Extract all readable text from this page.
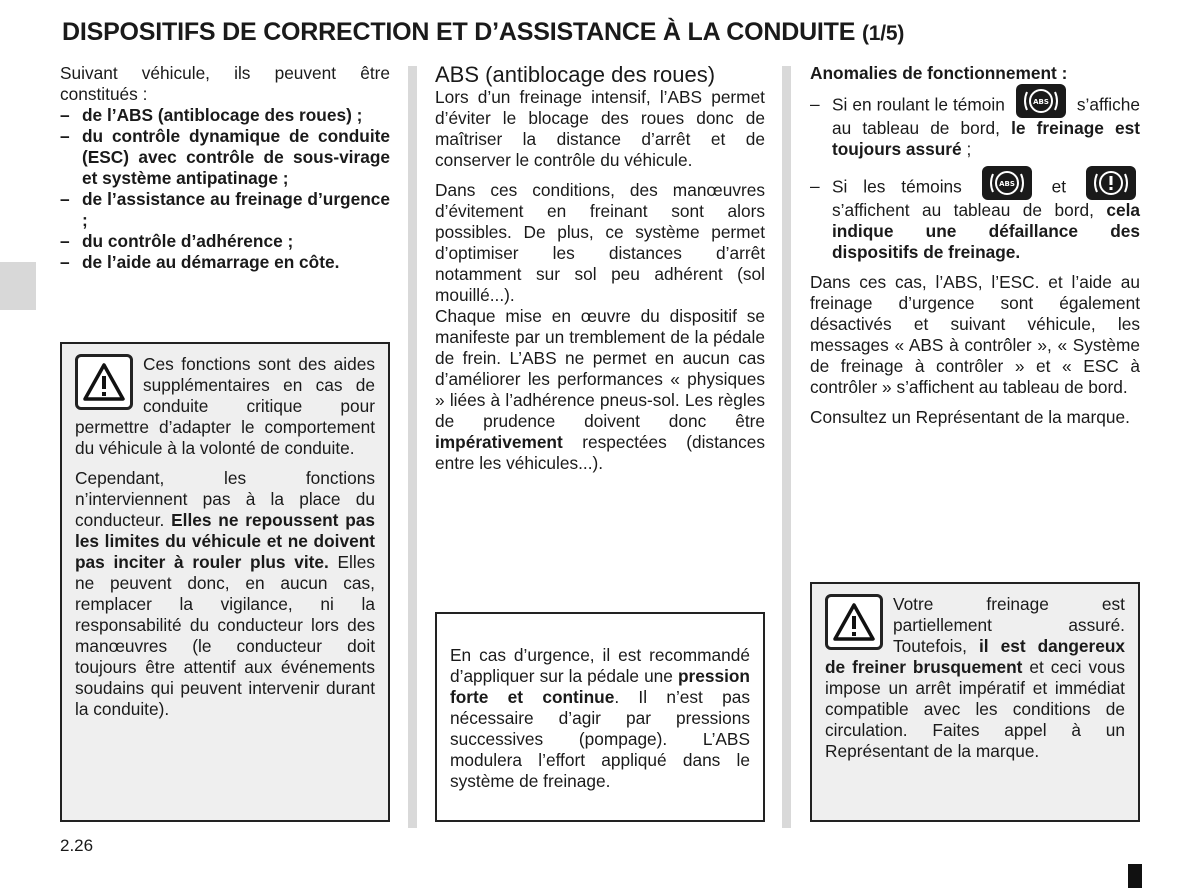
DISPOSITIFS DE CORRECTION ET D’ASSISTANCE À LA CONDUITE (1/5)

Suivant véhicule, ils peuvent être constitués :

– de l’ABS (antiblocage des roues) ;
– du contrôle dynamique de conduite (ESC) avec contrôle de sous-virage et système antipatinage ;
– de l’assistance au freinage d’urgence ;
– du contrôle d’adhérence ;
– de l’aide au démarrage en côte.

Ces fonctions sont des aides supplémentaires en cas de conduite critique pour permettre d’adapter le comportement du véhicule à la volonté de conduite.

Cependant, les fonctions n’interviennent pas à la place du conducteur. Elles ne repoussent pas les limites du véhicule et ne doivent pas inciter à rouler plus vite. Elles ne peuvent donc, en aucun cas, remplacer la vigilance, ni la responsabilité du conducteur lors des manœuvres (le conducteur doit toujours être attentif aux événements soudains qui peuvent intervenir durant la conduite).

ABS (antiblocage des roues)

Lors d’un freinage intensif, l’ABS permet d’éviter le blocage des roues donc de maîtriser la distance d’arrêt et de conserver le contrôle du véhicule.

Dans ces conditions, des manœuvres d’évitement en freinant sont alors possibles. De plus, ce système permet d’optimiser les distances d’arrêt notamment sur sol peu adhérent (sol mouillé...).

Chaque mise en œuvre du dispositif se manifeste par un tremblement de la pédale de frein. L’ABS ne permet en aucun cas d’améliorer les performances « physiques » liées à l’adhérence pneus-sol. Les règles de prudence doivent donc être impérativement respectées (distances entre les véhicules...).

En cas d’urgence, il est recommandé d’appliquer sur la pédale une pression forte et continue. Il n’est pas nécessaire d’agir par pressions successives (pompage). L’ABS modulera l’effort appliqué dans le système de freinage.

Anomalies de fonctionnement :

– Si en roulant le témoin	ABS s’affiche au tableau de bord, le freinage est toujours assuré ;
– Si les témoins	ABS et  s’affichent au tableau de bord, cela indique une défaillance des dispositifs de freinage.

Dans ces cas, l’ABS, l’ESC. et l’aide au freinage d’urgence sont également désactivés et suivant véhicule, les messages « ABS à contrôler », « Système de freinage à contrôler » et « ESC à contrôler » s’affichent au tableau de bord.

Consultez un Représentant de la marque.

Votre freinage est partiellement assuré. Toutefois, il est dangereux de freiner brusquement et ceci vous impose un arrêt impératif et immédiat compatible avec les conditions de circulation. Faites appel à un Représentant de la marque.

2.26
